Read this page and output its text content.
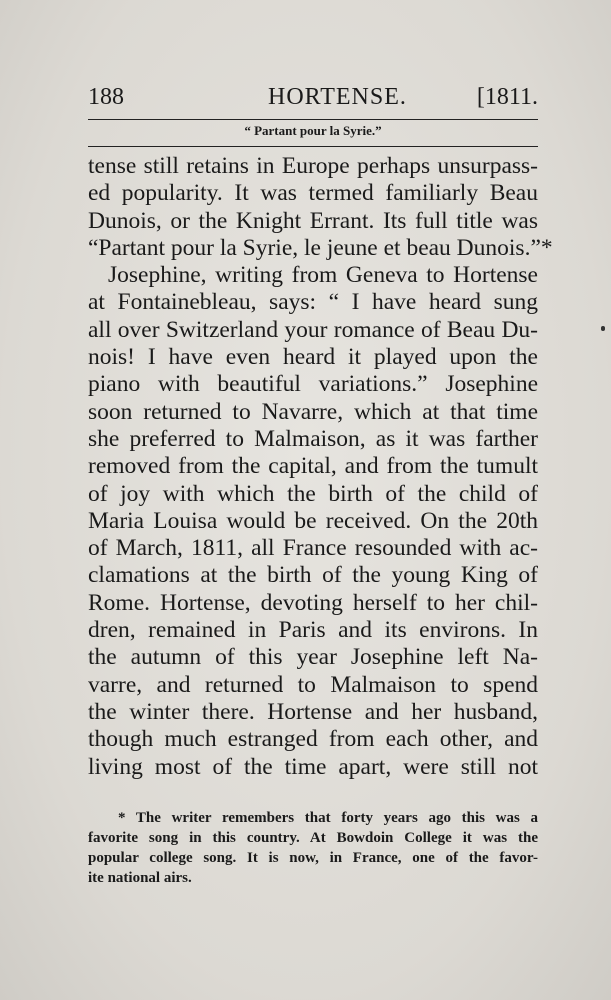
188	HORTENSE.	[1811.
“ Partant pour la Syrie.”
tense still retains in Europe perhaps unsurpass-
ed popularity. It was termed familiarly Beau
Dunois, or the Knight Errant. Its full title was
“Partant pour la Syrie, le jeune et beau Dunois.”*
Josephine, writing from Geneva to Hortense
at Fontainebleau, says: “ I have heard sung
all over Switzerland your romance of Beau Du-
nois! I have even heard it played upon the
piano with beautiful variations.” Josephine
soon returned to Navarre, which at that time
she preferred to Malmaison, as it was farther
removed from the capital, and from the tumult
of joy with which the birth of the child of
Maria Louisa would be received. On the 20th
of March, 1811, all France resounded with ac-
clamations at the birth of the young King of
Rome. Hortense, devoting herself to her chil-
dren, remained in Paris and its environs. In
the autumn of this year Josephine left Na-
varre, and returned to Malmaison to spend
the winter there. Hortense and her husband,
though much estranged from each other, and
living most of the time apart, were still not
* The writer remembers that forty years ago this was a
favorite song in this country. At Bowdoin College it was the
popular college song. It is now, in France, one of the favor-
ite national airs.
